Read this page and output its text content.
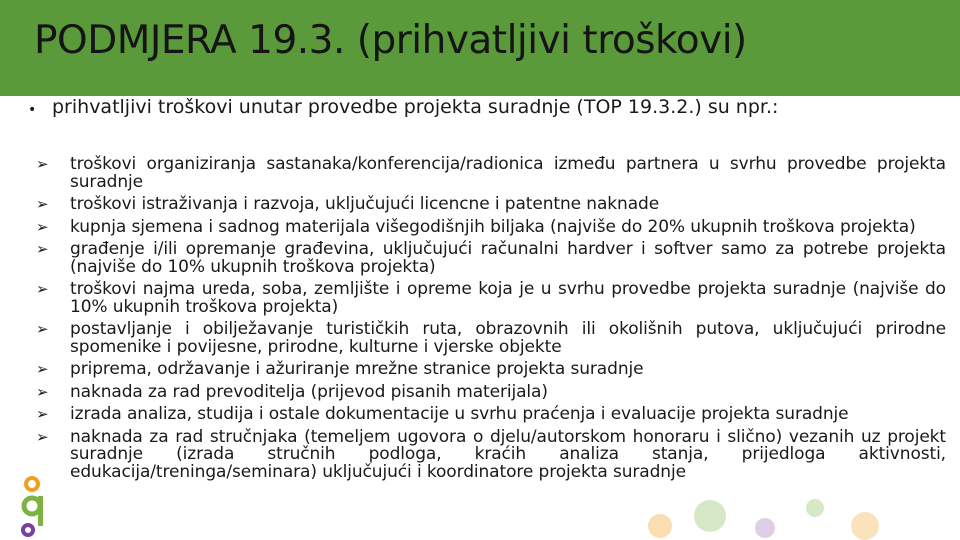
PODMJERA 19.3. (prihvatljivi troškovi)
• prihvatljivi troškovi unutar provedbe projekta suradnje (TOP 19.3.2.) su npr.:
➢ troškovi organiziranja sastanaka/konferencija/radionica između partnera u svrhu provedbe projekta suradnje
➢ troškovi istraživanja i razvoja, uključujući licencne i patentne naknade
➢ kupnja sjemena i sadnog materijala višegodišnjih biljaka (najviše do 20% ukupnih troškova projekta)
➢ građenje i/ili opremanje građevina, uključujući računalni hardver i softver samo za potrebe projekta (najviše do 10% ukupnih troškova projekta)
➢ troškovi najma ureda, soba, zemljište i opreme koja je u svrhu provedbe projekta suradnje (najviše do 10% ukupnih troškova projekta)
➢ postavljanje i obilježavanje turističkih ruta, obrazovnih ili okolišnih putova, uključujući prirodne spomenike i povijesne, prirodne, kulturne i vjerske objekte
➢ priprema, održavanje i ažuriranje mrežne stranice projekta suradnje
➢ naknada za rad prevoditelja (prijevod pisanih materijala)
➢ izrada analiza, studija i ostale dokumentacije u svrhu praćenja i evaluacije projekta suradnje
➢ naknada za rad stručnjaka (temeljem ugovora o djelu/autorskom honoraru i slično) vezanih uz projekt suradnje (izrada stručnih podloga, kraćih analiza stanja, prijedloga aktivnosti, edukacija/treninga/seminara) uključujući i koordinatore projekta suradnje
